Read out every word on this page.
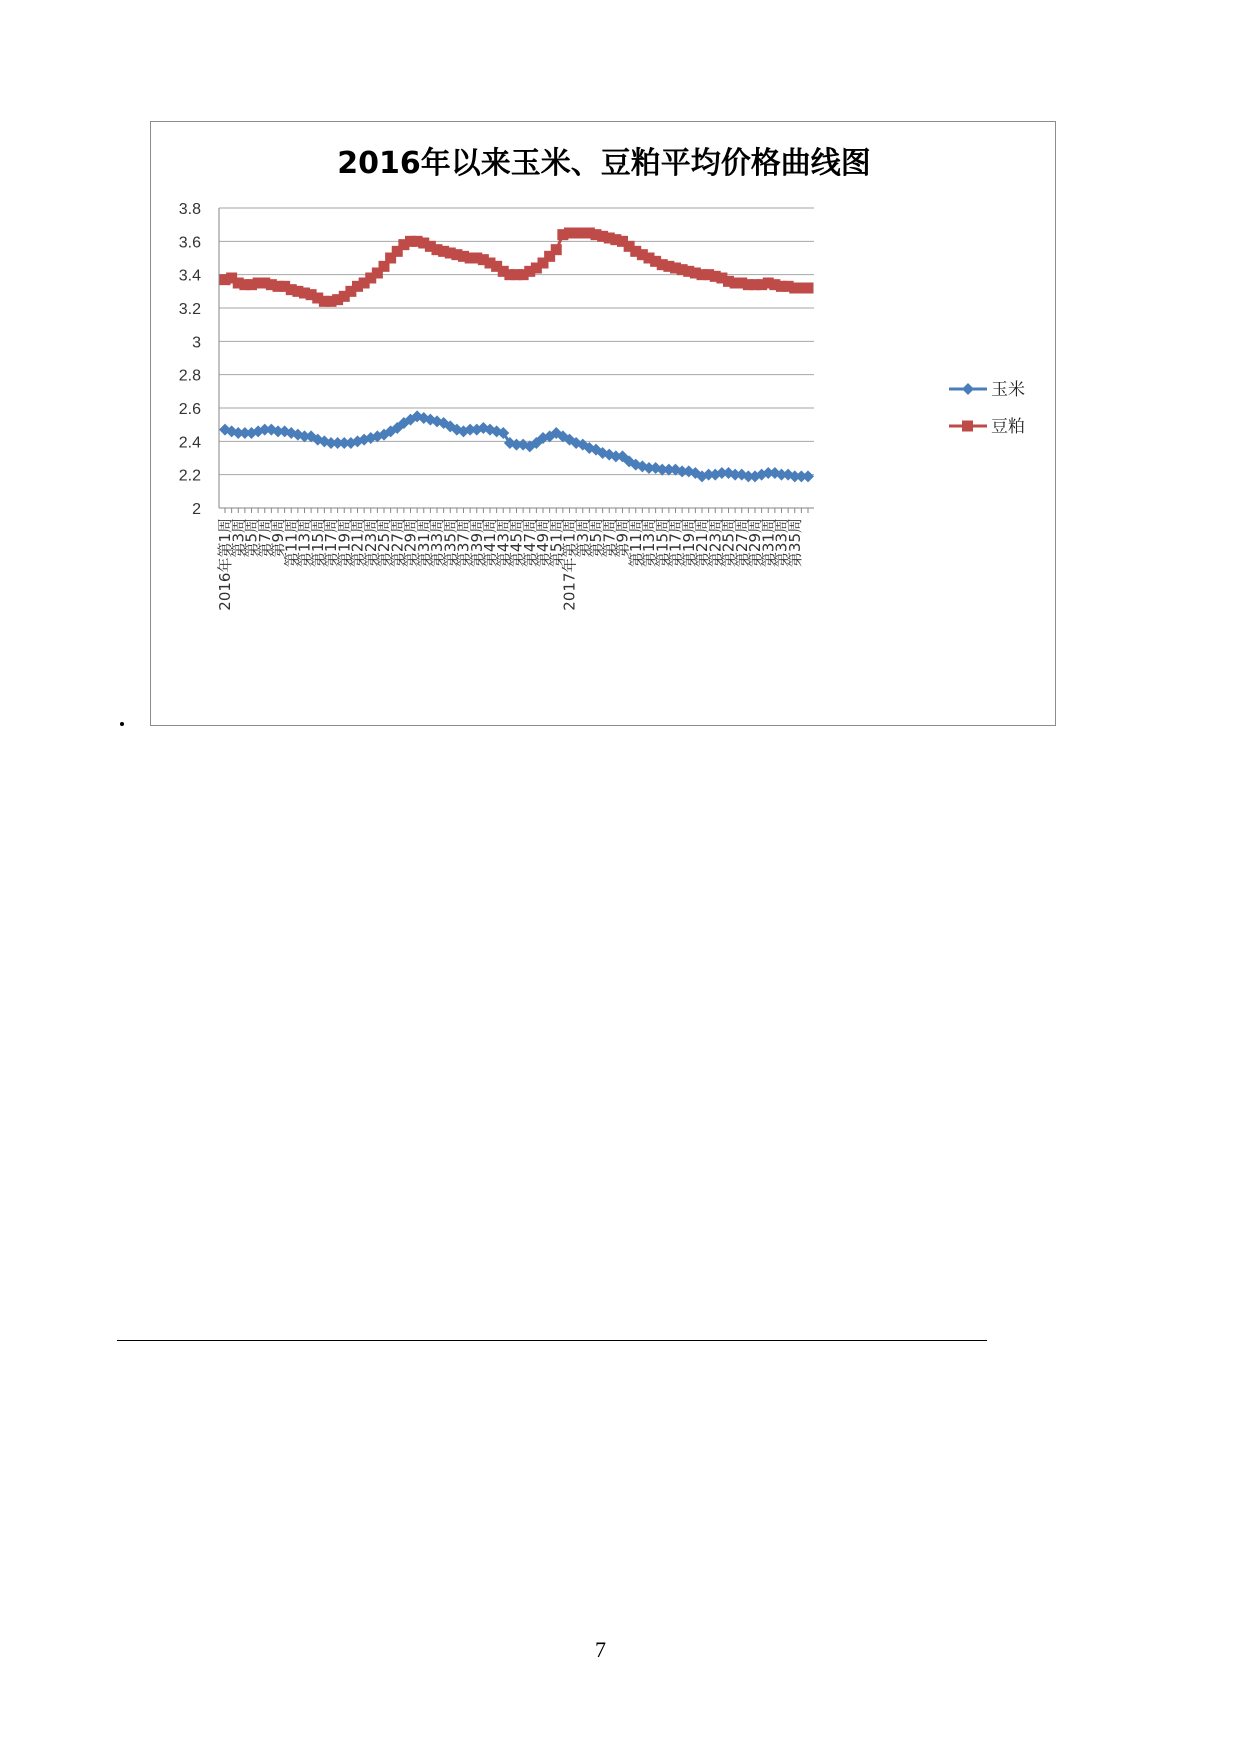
2016年以来玉米、豆粕平均价格曲线图
2
2.2
2.4
2.6
2.8
3
3.2
3.4
3.6
3.8
2016年第1周
第3周
第5周
第7周
第9周
第11周
第13周
第15周
第17周
第19周
第21周
第23周
第25周
第27周
第29周
第31周
第33周
第35周
第37周
第39周
第41周
第43周
第45周
第47周
第49周
第51周
2017年第1周
第3周
第5周
第7周
第9周
第11周
第13周
第15周
第17周
第19周
第21周
第23周
第25周
第27周
第29周
第31周
第33周
第35周
玉米
豆粕
7
